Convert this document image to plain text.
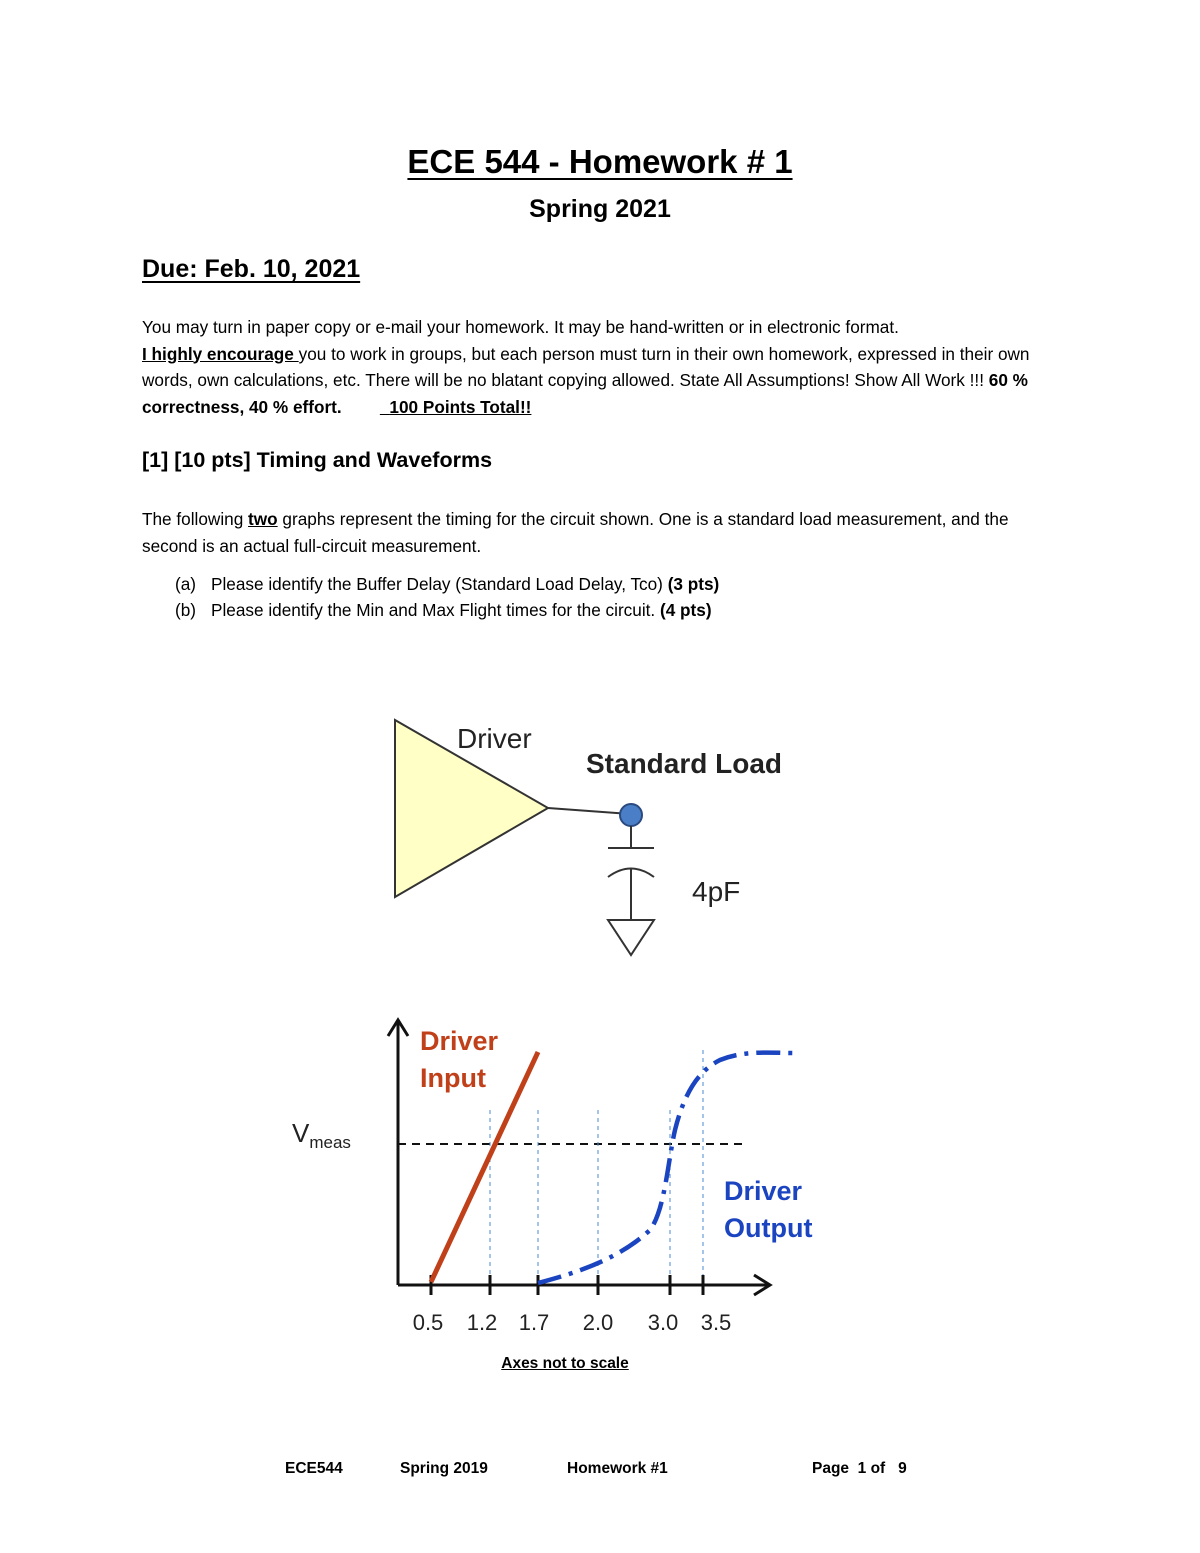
ECE 544 - Homework # 1
Spring 2021
Due: Feb. 10, 2021
You may turn in paper copy or e-mail your homework. It may be hand-written or in electronic format.
I highly encourage you to work in groups, but each person must turn in their own homework, expressed in their own words, own calculations, etc. There will be no blatant copying allowed. State All Assumptions! Show All Work !!! 60 % correctness, 40 % effort.	100 Points Total!!
[1] [10 pts] Timing and Waveforms
The following two graphs represent the timing for the circuit shown. One is a standard load measurement, and the second is an actual full-circuit measurement.
(a) Please identify the Buffer Delay (Standard Load Delay, Tco) (3 pts)
(b) Please identify the Min and Max Flight times for the circuit. (4 pts)
Driver
Standard Load
4pF
0.5 1.2 1.7 2.0 3.0 3.5
$V_{meas}$
Driver
Input
Driver
Output
Axes not to scale
ECE544	Spring 2019	Homework #1	Page  1 of   9
